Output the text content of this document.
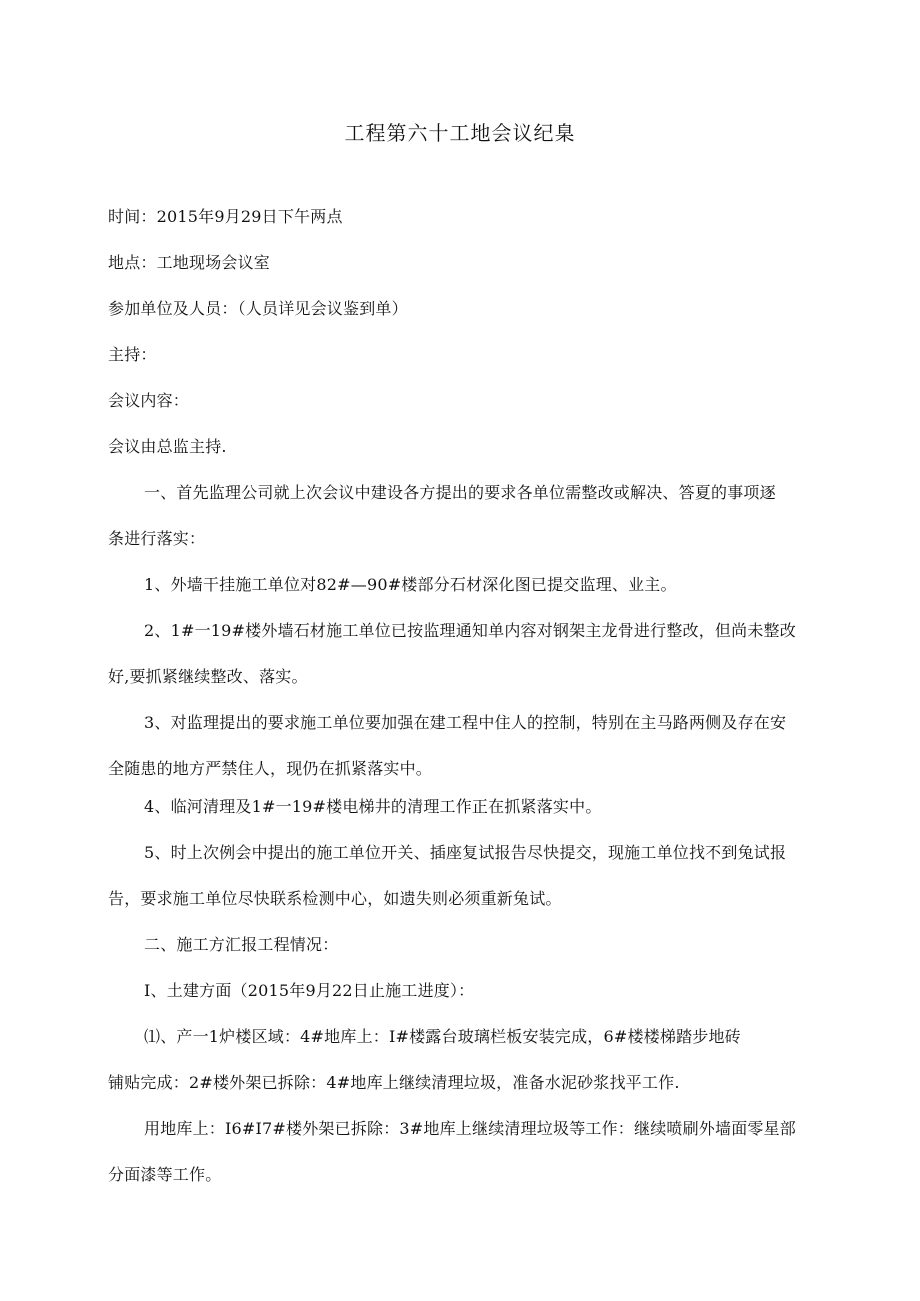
工程第六十工地会议纪臬
时间：2015年9月29日下午两点
地点：工地现场会议室
参加单位及人员：（人员详见会议鉴到单）
主持：
会议内容：
会议由总监主持.
一、首先监理公司就上次会议中建设各方提出的要求各单位需整改或解决、答夏的事项逐
条进行落实：
1、外墙干挂施工单位对82#—90#楼部分石材深化图已提交监理、业主。
2、1#一19#楼外墙石材施工单位已按监理通知单内容对钢架主龙骨进行整改，但尚未整改
好,要抓紧继续整改、落实。
3、对监理提出的要求施工单位要加强在建工程中住人的控制，特别在主马路两侧及存在安
全随患的地方严禁住人，现仍在抓紧落实中。
4、临河清理及1#一19#楼电梯井的清理工作正在抓紧落实中。
5、时上次例会中提出的施工单位开关、插座复试报告尽快提交，现施工单位找不到兔试报
告，要求施工单位尽快联系检测中心，如遗失则必须重新兔试。
二、施工方汇报工程情况：
I、土建方面（2015年9月22日止施工进度）：
⑴、产一1炉楼区域：4#地库上：I#楼露台玻璃栏板安装完成，6#楼楼梯踏步地砖
铺贴完成：2#楼外架已拆除：4#地库上继续清理垃圾，准备水泥砂浆找平工作.
用地库上：I6#I7#楼外架已拆除：3#地库上继续清理垃圾等工作：继续喷刷外墙面零星部
分面漆等工作。
